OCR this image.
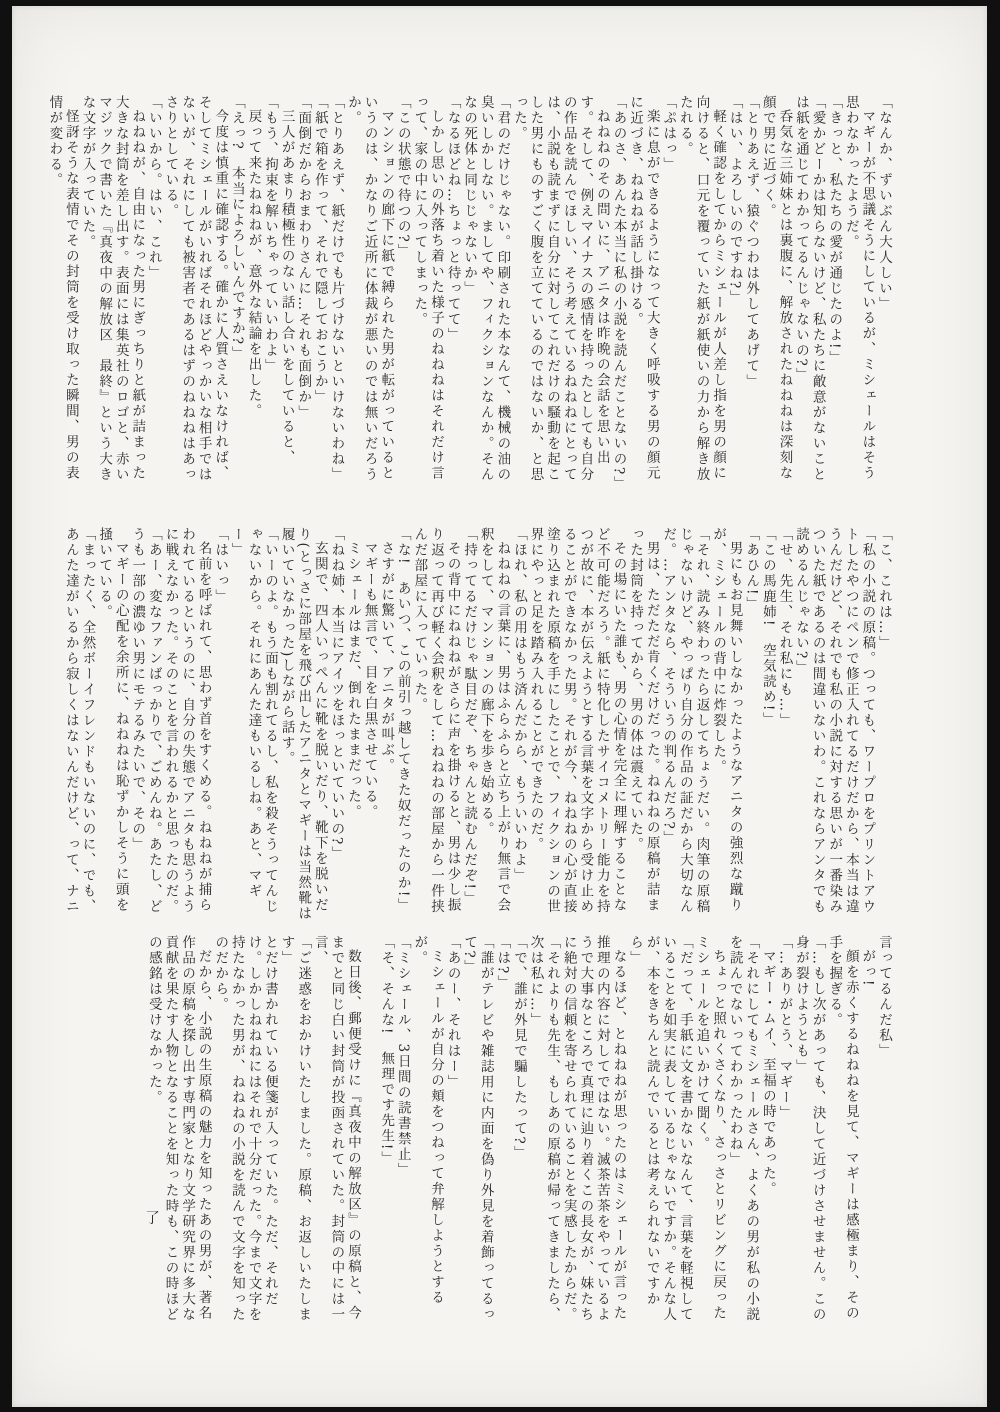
「なんか、ずいぶん大人しい」

マギーが不思議そうにしているが、ミシェールはそう思わなかったようだ。

「きっと、私たちの愛が通じたのよ!」

「愛かどーかは知らないけど、私たちに敵意がないことは紙を通じてわかってるんじゃないの?」

呑気な三姉妹とは裏腹に、解放されたねねねは深刻な顔で男に近づく。

「とりあえず、猿ぐつわは外してあげて」

「はい、よろしいのですね?」

軽く確認をしてからミシェールが人差し指を男の顔に向けると、口元を覆っていた紙が紙使いの力から解き放たれる。

「ぷはっ」

楽に息ができるようになって大きく呼吸する男の顔元に近づき、ねねねが話し掛ける。

「あのさ、あんた本当に私の小説を読んだことないの?」

ねねねのその問いに、アニタは昨晩の会話を思い出す。そして、例えマイナスの感情を持ったとしても自分の作品を読んでほしい、そう考えているねねねにとっては、小説も読まずに自分に対してこれだけの騒動を起こした男にものすごく腹を立てているのではないか、と思った。

「君のだけじゃない。印刷された本なんて、機械の油の臭いしかしない。ましてや、フィクションなんか。そんなの死体と同じじゃないか」

「なるほどね…ちょっと待ってて」

しかし思いの外落ち着いた様子のねねねはそれだけ言って、家の中に入ってしまった。

「この状態で待つの?」

マンションの廊下に紙で縛られた男が転がっているというのは、かなりご近所に体裁が悪いのでは無いだろうか。

「とりあえず、紙だけでも片づけないといけないわね」

「紙で箱を作って、それで隠しておこうか」

「面倒だからおまわりさんに…それも面倒か」

三人があまり積極性のない話し合いをしていると、

「もう、拘束を解いちゃっていいわよ」

戻って来たねねねが、意外な結論を出した。

「えっ?　本当によろしいんですか?」

今度は慎重に確認する。確かに人質さえいなければ、そしてミシェールがいればそれほどやっかいな相手ではないが、それにしても被害者であるはずのねねねはあっさりとしている。

「いいから。はい、これ」

ねねねが、自由になった男にぎっちりと紙が詰まった大きな封筒を差し出す。表面には集英社のロゴと、赤いマジックで書いた『真夜中の解放区　最終』という大きな文字が入っていた。

怪訝そうな表情でその封筒を受け取った瞬間、男の表情が変わる。

「こ、これは…」

「私の小説の原稿。つっても、ワープロをプリントアウトしたやつにペンで修正入れてるだけだから、本当は違うんだけど、それでも私の小説に対する思いが一番染みついた紙であるのは間違いないわ。これならアンタでも読めるんじゃない?」

「せ、先生、それ私にも…」

「この馬鹿姉!　空気読め!」

「あひん!」

男にもお見舞いしなかったようなアニタの強烈な蹴りが、ミシェールの背中に炸裂した。

「それ、読み終わったら返してちょうだい。肉筆の原稿じゃないけど、やっぱり自分の作品の証だから大切なんだ。…アンタなら、そういうの判るんだろ?」

男は、ただただ肯くだけだった。ねねねの原稿が詰まった封筒を持ってから、男の体は震えていた。

その場にいた誰も、男の心情を完全に理解することなど不可能だろう。紙に特化したサイコメトリー能力を持つが故に、本が伝えようとする言葉を文字から受け止めることができなかった男。それが今、ねねねの心が直接塗り込まれた原稿を手にしたことで、フィクションの世界にやっと足を踏み入れることができたのだ。

「ほれ、私の用はもう済んだから、もういいわよ」

ねねねの言葉に、男はふらふらと立ち上がり無言で会釈をして、マンションの廊下を歩き始める。

「持ってるだけじゃ駄目だぞ、ちゃんと読むんだぞ!」

その背中にねねねがさらに声を掛けると、男は少し振り返って再び軽く会釈をして…ねねねの部屋から一件挟んだ部屋に入っていった。

「な!　あいつ、この前引っ越してきた奴だったのか!」

さすがに驚いて、アニタが叫ぶ。

マギーも無言で、目を白黒させている。

ミシェールはまだ、倒れたままだった。

「ねね姉、本当にアイツをほっといていいの?」

玄関で、四人いっぺんに靴を脱いだり、靴下を脱いだり(とっさに部屋を飛び出したアニタとマギーは当然靴は履いていなかった)しながら話す。

「いーのよ。もう面も割れてるし、私を殺そうってんじゃないから。それにあんた達もいるしね。あと、マギー」

「はいっ」

名前を呼ばれて、思わず首をすくめる。ねねねが捕らわれているというのに、自分の失態でアニタも思うように戦えなかった。そのことを言われるかと思ったのだ。

「あー、変なファンばっかりで、ごめんね。あたし、どうも一部の濃ゆい男にモテるみたいで、その」

マギーの心配を余所に、ねねねは恥ずかしそうに頭を掻いている。

「まったく、全然ボーイフレンドもいないのに、でも、あんた達がいるから寂しくはないんだけど、って、ナニ

言ってるんだ私」

がっ!

顔を赤くするねねねを見て、マギーは感極まり、その手を握ぎる。

「…もし次があっても、決して近づけさせません。この身が裂けようとも」

「…ありがとう、マギー」

マギー・ムイ、至福の時であった。

「それにしてもミシェールさん、よくあの男が私の小説を読んでないってわかったわね」

ちょっと照れくさくなり、さっさとリビングに戻ったミシェールを追いかけて聞く。

「だって、手紙に文を書かないなんて、言葉を軽視していることを如実に表しているじゃないですか。そんな人が、本をきちんと読んでいるとは考えられないですから」

なるほど、とねねねが思ったのはミシェールが言った推理の内容に対してではない。滅茶苦茶をやっているようで大事なところで真理に辿り着くこの長女が、妹たちに絶対の信頼を寄せられていることを実感したからだ。

「それよりも先生、もしあの原稿が帰ってきましたら、次は私に…」

「で、誰が外見で騙したって?」

「は?」

「誰がテレビや雑誌用に内面を偽り外見を着飾ってるって?」

「あのー、それはー」

ミシェールが自分の頬をつねって弁解しようとするが。

「ミシェール、3日間の読書禁止」

「そ、そんな!　無理です先生!」

数日後、郵便受けに『真夜中の解放区』の原稿と、今までと同じ白い封筒が投函されていた。封筒の中には一言、

「ご迷惑をおかけいたしました。原稿、お返しいたします」

とだけ書かれている便箋が入っていた。ただ、それだけ。しかしねねねにはそれで十分だった。今まで文字を持たなかった男が、ねねねの小説を読んで文字を知ったのだから。

だから、小説の生原稿の魅力を知ったあの男が、著名作品の原稿を探し出す専門家となり文学研究界に多大な貢献を果たす人物となることを知った時も、この時ほどの感銘は受けなかった。

了
